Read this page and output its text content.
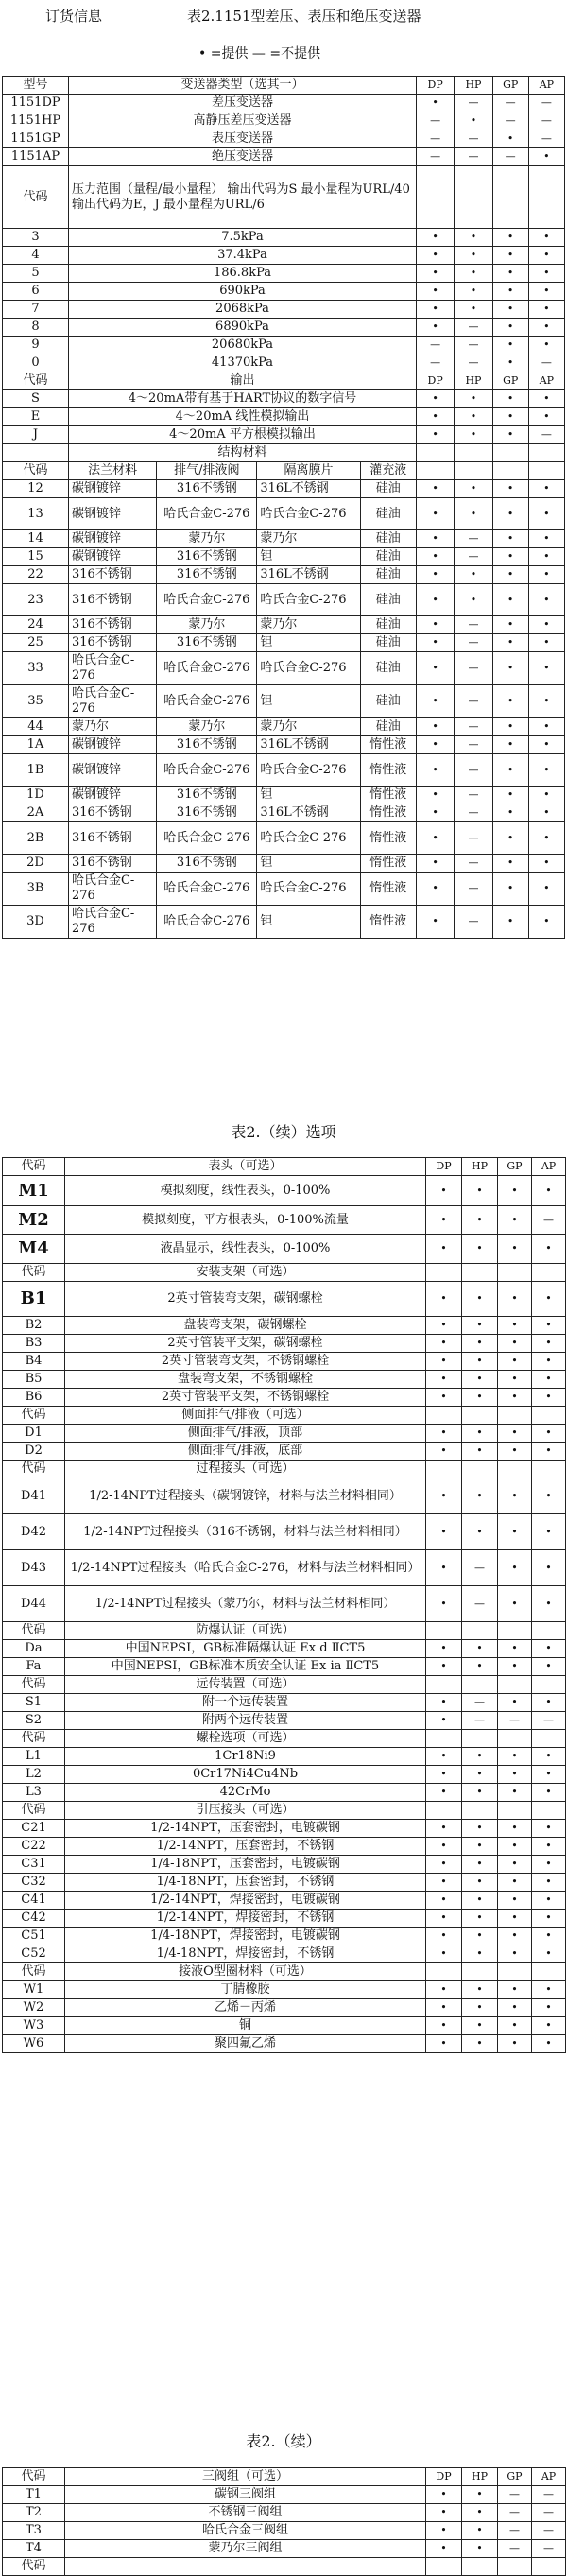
订货信息	表2.1151型差压、表压和绝压变送器
• =提供 — =不提供
型号	变送器类型（选其一）				DP	HP	GP	AP
1151DP	差压变送器				•	—	—	—
1151HP	高静压差压变送器				—	•	—	—
1151GP	表压变送器				—	—	•	—
1151AP	绝压变送器				—	—	—	•
代码	压力范围（量程/最小量程） 输出代码为S 最小量程为URL/40 输出代码为E，J 最小量程为URL/6							
3	7.5kPa				•	•	•	•
4	37.4kPa				•	•	•	•
5	186.8kPa				•	•	•	•
6	690kPa				•	•	•	•
7	2068kPa				•	•	•	•
8	6890kPa				•	—	•	•
9	20680kPa				—	—	•	•
0	41370kPa				—	—	•	—
代码	输出				DP	HP	GP	AP
S	4～20mA带有基于HART协议的数字信号				•	•	•	•
E	4～20mA 线性模拟输出				•	•	•	•
J	4～20mA 平方根模拟输出				•	•	•	—
	结构材料							
代码	法兰材料	排气/排液阀	隔离膜片	灌充液				
12	碳钢镀锌	316不锈钢	316L不锈钢	硅油	•	•	•	•
13	碳钢镀锌	哈氏合金C-276	哈氏合金C-276	硅油	•	•	•	•
14	碳钢镀锌	蒙乃尔	蒙乃尔	硅油	•	—	•	•
15	碳钢镀锌	316不锈钢	钽	硅油	•	—	•	•
22	316不锈钢	316不锈钢	316L不锈钢	硅油	•	•	•	•
23	316不锈钢	哈氏合金C-276	哈氏合金C-276	硅油	•	•	•	•
24	316不锈钢	蒙乃尔	蒙乃尔	硅油	•	—	•	•
25	316不锈钢	316不锈钢	钽	硅油	•	—	•	•
33	哈氏合金C-276	哈氏合金C-276	哈氏合金C-276	硅油	•	—	•	•
35	哈氏合金C-276	哈氏合金C-276	钽	硅油	•	—	•	•
44	蒙乃尔	蒙乃尔	蒙乃尔	硅油	•	—	•	•
1A	碳钢镀锌	316不锈钢	316L不锈钢	惰性液	•	—	•	•
1B	碳钢镀锌	哈氏合金C-276	哈氏合金C-276	惰性液	•	—	•	•
1D	碳钢镀锌	316不锈钢	钽	惰性液	•	—	•	•
2A	316不锈钢	316不锈钢	316L不锈钢	惰性液	•	—	•	•
2B	316不锈钢	哈氏合金C-276	哈氏合金C-276	惰性液	•	—	•	•
2D	316不锈钢	316不锈钢	钽	惰性液	•	—	•	•
3B	哈氏合金C-276	哈氏合金C-276	哈氏合金C-276	惰性液	•	—	•	•
3D	哈氏合金C-276	哈氏合金C-276	钽	惰性液	•	—	•	•
表2.（续）选项
代码	表头（可选）	DP	HP	GP	AP
M1	模拟刻度，线性表头，0-100%	•	•	•	•
M2	模拟刻度，平方根表头，0-100%流量	•	•	•	—
M4	液晶显示，线性表头，0-100%	•	•	•	•
代码	安装支架（可选）				
B1	2英寸管装弯支架，碳钢螺栓	•	•	•	•
B2	盘装弯支架，碳钢螺栓	•	•	•	•
B3	2英寸管装平支架，碳钢螺栓	•	•	•	•
B4	2英寸管装弯支架，不锈钢螺栓	•	•	•	•
B5	盘装弯支架，不锈钢螺栓	•	•	•	•
B6	2英寸管装平支架，不锈钢螺栓	•	•	•	•
代码	侧面排气/排液（可选）				
D1	侧面排气/排液，顶部	•	•	•	•
D2	侧面排气/排液，底部	•	•	•	•
代码	过程接头（可选）				
D41	1/2-14NPT过程接头（碳钢镀锌，材料与法兰材料相同）	•	•	•	•
D42	1/2-14NPT过程接头（316不锈钢，材料与法兰材料相同）	•	•	•	•
D43	1/2-14NPT过程接头（哈氏合金C-276，材料与法兰材料相同）	•	—	•	•
D44	1/2-14NPT过程接头（蒙乃尔，材料与法兰材料相同）	•	—	•	•
代码	防爆认证（可选）				
Da	中国NEPSI，GB标准隔爆认证 Ex d ⅡCT5	•	•	•	•
Fa	中国NEPSI，GB标准本质安全认证 Ex ia ⅡCT5	•	•	•	•
代码	远传装置（可选）				
S1	附一个远传装置	•	—	•	•
S2	附两个远传装置	•	—	—	—
代码	螺栓选项（可选）				
L1	1Cr18Ni9	•	•	•	•
L2	0Cr17Ni4Cu4Nb	•	•	•	•
L3	42CrMo	•	•	•	•
代码	引压接头（可选）				
C21	1/2-14NPT，压套密封，电镀碳钢	•	•	•	•
C22	1/2-14NPT，压套密封，不锈钢	•	•	•	•
C31	1/4-18NPT，压套密封，电镀碳钢	•	•	•	•
C32	1/4-18NPT，压套密封，不锈钢	•	•	•	•
C41	1/2-14NPT，焊接密封，电镀碳钢	•	•	•	•
C42	1/2-14NPT，焊接密封，不锈钢	•	•	•	•
C51	1/4-18NPT，焊接密封，电镀碳钢	•	•	•	•
C52	1/4-18NPT，焊接密封，不锈钢	•	•	•	•
代码	接液O型圈材料（可选）				
W1	丁腈橡胶	•	•	•	•
W2	乙烯－丙烯	•	•	•	•
W3	铜	•	•	•	•
W6	聚四氟乙烯	•	•	•	•
表2.（续）
代码	三阀组（可选）	DP	HP	GP	AP
T1	碳钢三阀组	•	•	—	—
T2	不锈钢三阀组	•	•	—	—
T3	哈氏合金三阀组	•	•	—	—
T4	蒙乃尔三阀组	•	•	—	—
代码					
